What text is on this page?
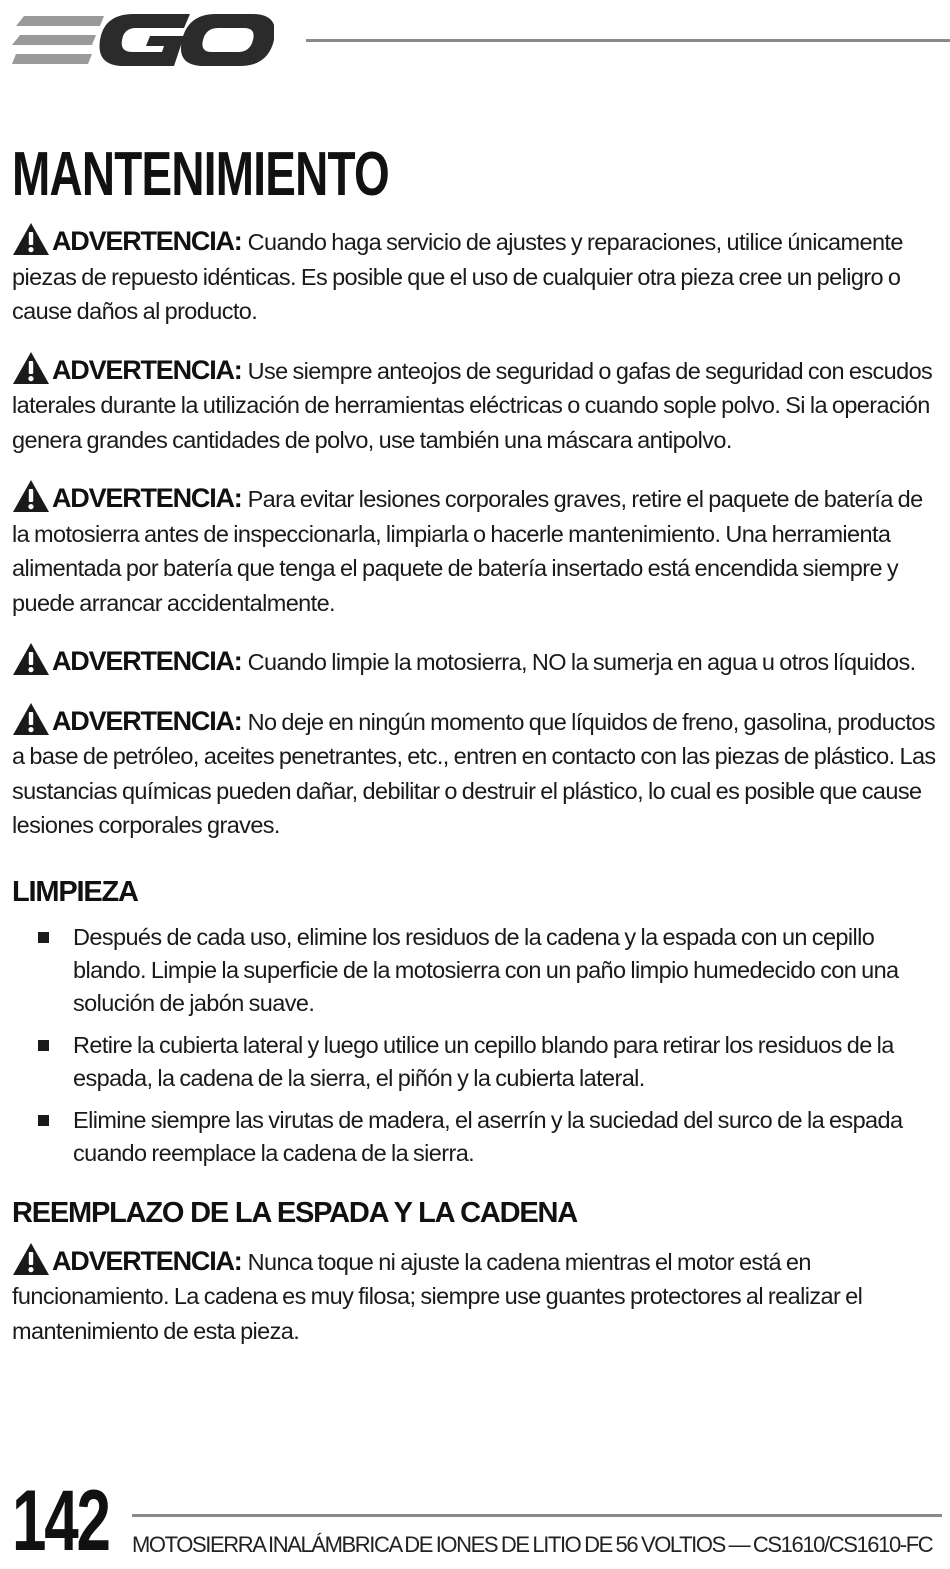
MANTENIMIENTO

ADVERTENCIA: Cuando haga servicio de ajustes y reparaciones, utilice únicamente piezas de repuesto idénticas. Es posible que el uso de cualquier otra pieza cree un peligro o cause daños al producto.

ADVERTENCIA: Use siempre anteojos de seguridad o gafas de seguridad con escudos laterales durante la utilización de herramientas eléctricas o cuando sople polvo. Si la operación genera grandes cantidades de polvo, use también una máscara antipolvo.

ADVERTENCIA: Para evitar lesiones corporales graves, retire el paquete de batería de la motosierra antes de inspeccionarla, limpiarla o hacerle mantenimiento. Una herramienta alimentada por batería que tenga el paquete de batería insertado está encendida siempre y puede arrancar accidentalmente.

ADVERTENCIA: Cuando limpie la motosierra, NO la sumerja en agua u otros líquidos.

ADVERTENCIA: No deje en ningún momento que líquidos de freno, gasolina, productos a base de petróleo, aceites penetrantes, etc., entren en contacto con las piezas de plástico. Las sustancias químicas pueden dañar, debilitar o destruir el plástico, lo cual es posible que cause lesiones corporales graves.

LIMPIEZA
Después de cada uso, elimine los residuos de la cadena y la espada con un cepillo blando. Limpie la superficie de la motosierra con un paño limpio humedecido con una solución de jabón suave.
Retire la cubierta lateral y luego utilice un cepillo blando para retirar los residuos de la espada, la cadena de la sierra, el piñón y la cubierta lateral.
Elimine siempre las virutas de madera, el aserrín y la suciedad del surco de la espada cuando reemplace la cadena de la sierra.
REEMPLAZO DE LA ESPADA Y LA CADENA

ADVERTENCIA: Nunca toque ni ajuste la cadena mientras el motor está en funcionamiento. La cadena es muy filosa; siempre use guantes protectores al realizar el mantenimiento de esta pieza.

142 MOTOSIERRA INALÁMBRICA DE IONES DE LITIO DE 56 VOLTIOS — CS1610/CS1610-FC
